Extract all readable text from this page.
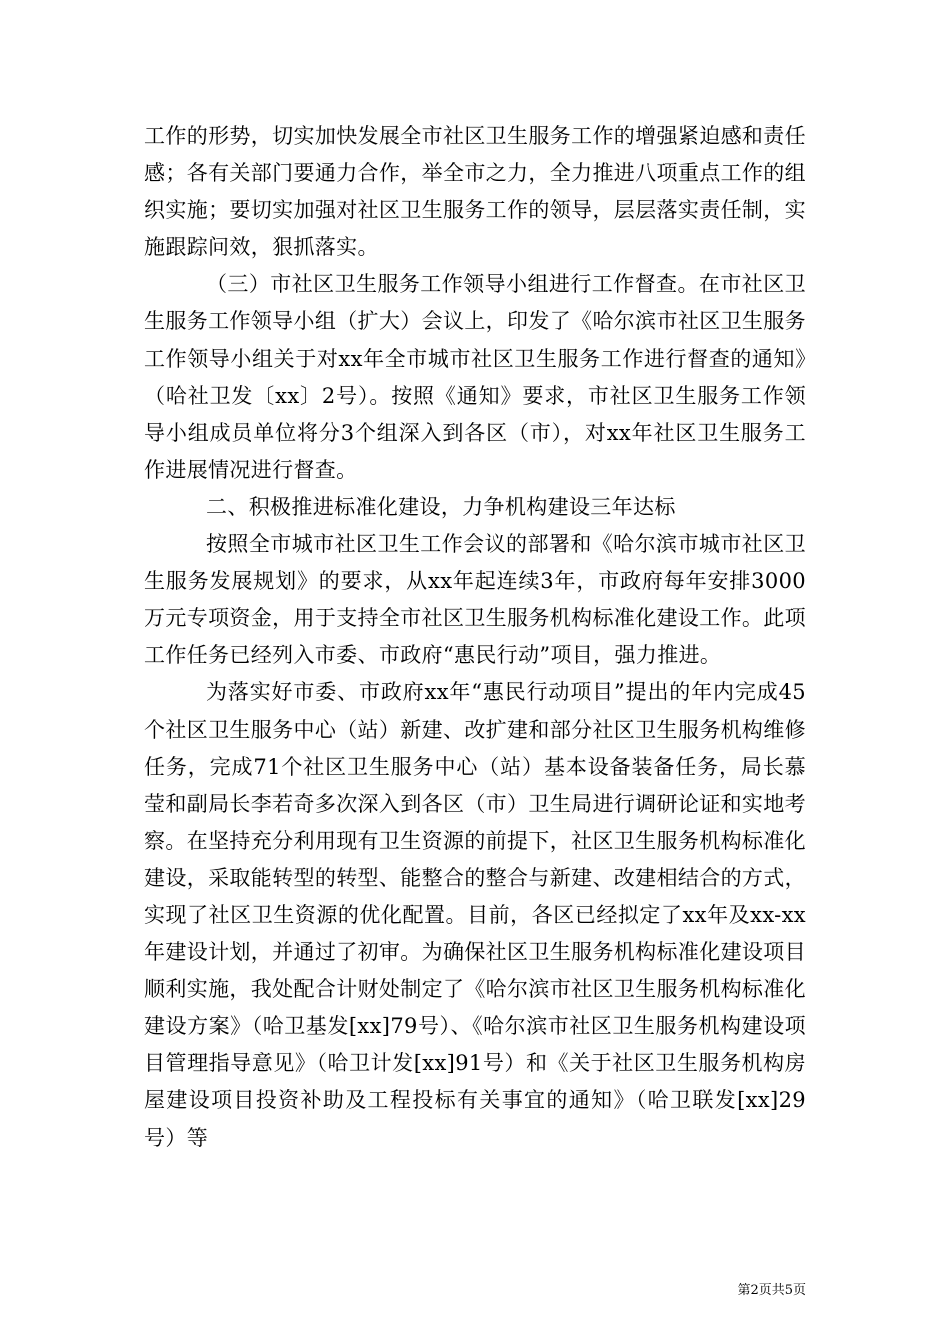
工作的形势，切实加快发展全市社区卫生服务工作的增强紧迫感和责任感；各有关部门要通力合作，举全市之力，全力推进八项重点工作的组织实施；要切实加强对社区卫生服务工作的领导，层层落实责任制，实施跟踪问效，狠抓落实。

（三）市社区卫生服务工作领导小组进行工作督查。在市社区卫生服务工作领导小组（扩大）会议上，印发了《哈尔滨市社区卫生服务工作领导小组关于对xx年全市城市社区卫生服务工作进行督查的通知》（哈社卫发〔xx〕2号）。按照《通知》要求，市社区卫生服务工作领导小组成员单位将分3个组深入到各区（市），对xx年社区卫生服务工作进展情况进行督查。

二、积极推进标准化建设，力争机构建设三年达标

按照全市城市社区卫生工作会议的部署和《哈尔滨市城市社区卫生服务发展规划》的要求，从xx年起连续3年，市政府每年安排3000万元专项资金，用于支持全市社区卫生服务机构标准化建设工作。此项工作任务已经列入市委、市政府“惠民行动”项目，强力推进。

为落实好市委、市政府xx年“惠民行动项目”提出的年内完成45个社区卫生服务中心（站）新建、改扩建和部分社区卫生服务机构维修任务，完成71个社区卫生服务中心（站）基本设备装备任务，局长慕莹和副局长李若奇多次深入到各区（市）卫生局进行调研论证和实地考察。在坚持充分利用现有卫生资源的前提下，社区卫生服务机构标准化建设，采取能转型的转型、能整合的整合与新建、改建相结合的方式，实现了社区卫生资源的优化配置。目前，各区已经拟定了xx年及xx-xx年建设计划，并通过了初审。为确保社区卫生服务机构标准化建设项目顺利实施，我处配合计财处制定了《哈尔滨市社区卫生服务机构标准化建设方案》（哈卫基发[xx]79号）、《哈尔滨市社区卫生服务机构建设项目管理指导意见》（哈卫计发[xx]91号）和《关于社区卫生服务机构房屋建设项目投资补助及工程投标有关事宜的通知》（哈卫联发[xx]29号）等

第2页共5页
